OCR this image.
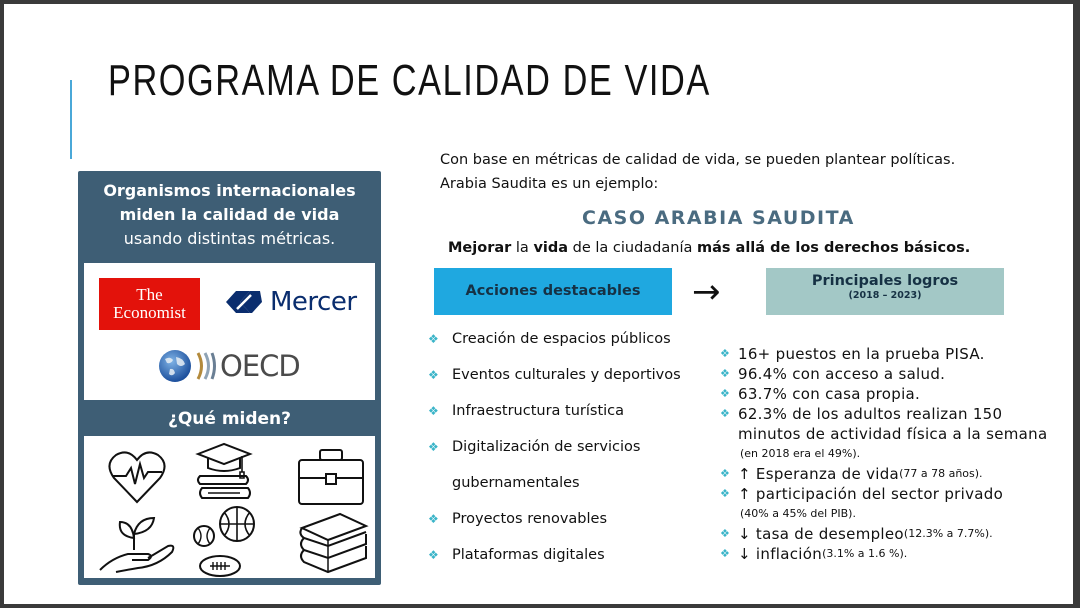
PROGRAMA DE CALIDAD DE VIDA
Organismos internacionales
miden la calidad de vida
usando distintas métricas.
The
Economist	Mercer
OECD
¿Qué miden?
Con base en métricas de calidad de vida, se pueden plantear políticas.
Arabia Saudita es un ejemplo:
CASO ARABIA SAUDITA
Mejorar la vida de la ciudadanía más allá de los derechos básicos.
Acciones destacables	→	Principales logros
(2018 – 2023)
❖ Creación de espacios públicos
❖ Eventos culturales y deportivos
❖ Infraestructura turística
❖ Digitalización de servicios
gubernamentales
❖ Proyectos renovables
❖ Plataformas digitales
❖ 16+ puestos en la prueba PISA.
❖ 96.4% con acceso a salud.
❖ 63.7% con casa propia.
❖ 62.3% de los adultos realizan 150
minutos de actividad física a la semana
(en 2018 era el 49%).
❖ ↑ Esperanza de vida (77 a 78 años).
❖ ↑ participación del sector privado
(40% a 45% del PIB).
❖ ↓ tasa de desempleo (12.3% a 7.7%).
❖ ↓ inflación (3.1% a 1.6 %).
